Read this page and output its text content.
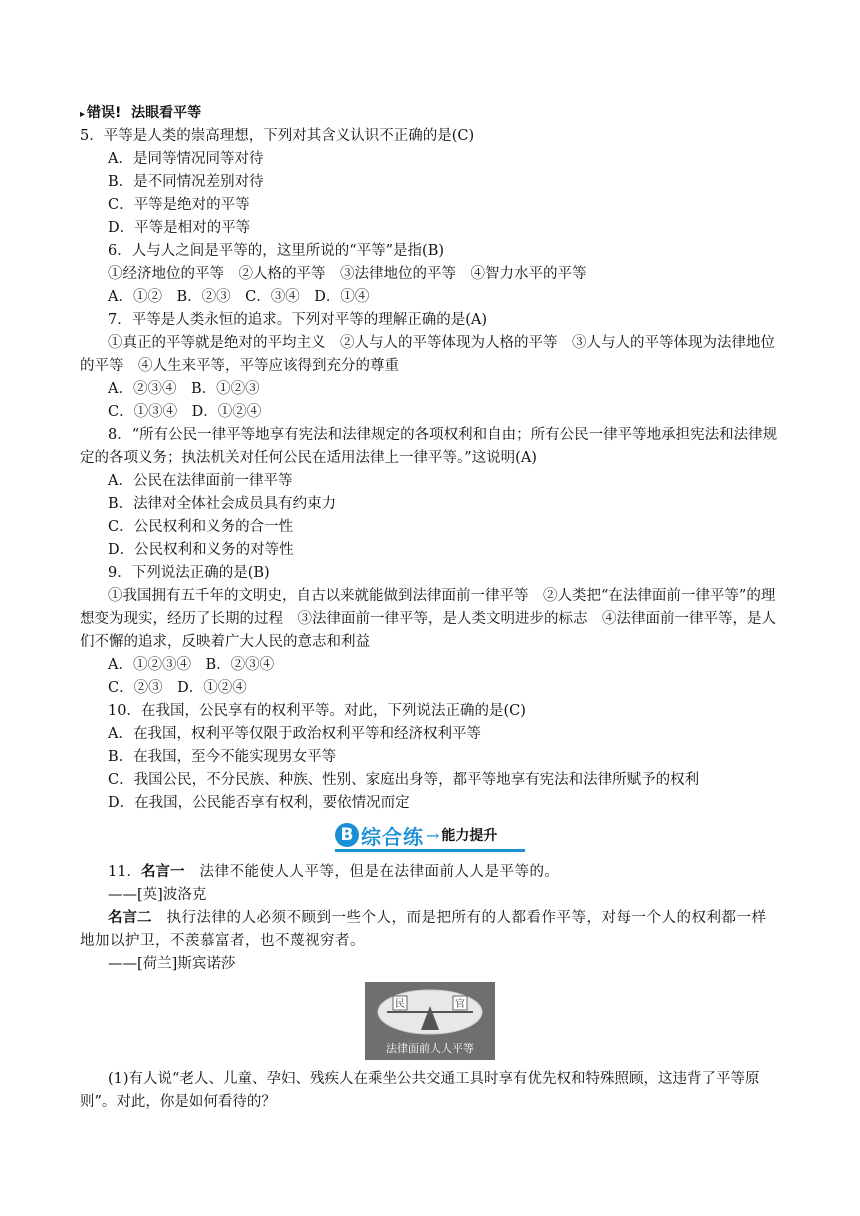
▸ 错误! 法眼看平等
5．平等是人类的崇高理想，下列对其含义认识不正确的是(C)
A．是同等情况同等对待
B．是不同情况差别对待
C．平等是绝对的平等
D．平等是相对的平等
6．人与人之间是平等的，这里所说的“平等”是指(B)
①经济地位的平等　②人格的平等　③法律地位的平等　④智力水平的平等
A．①②　B．②③　C．③④　D．①④
7．平等是人类永恒的追求。下列对平等的理解正确的是(A)
①真正的平等就是绝对的平均主义　②人与人的平等体现为人格的平等　③人与人的平等体现为法律地位的平等　④人生来平等，平等应该得到充分的尊重
A．②③④　B．①②③
C．①③④　D．①②④
8．“所有公民一律平等地享有宪法和法律规定的各项权利和自由；所有公民一律平等地承担宪法和法律规定的各项义务；执法机关对任何公民在适用法律上一律平等。”这说明(A)
A．公民在法律面前一律平等
B．法律对全体社会成员具有约束力
C．公民权利和义务的合一性
D．公民权利和义务的对等性
9．下列说法正确的是(B)
①我国拥有五千年的文明史，自古以来就能做到法律面前一律平等　②人类把“在法律面前一律平等”的理想变为现实，经历了长期的过程　③法律面前一律平等，是人类文明进步的标志　④法律面前一律平等，是人们不懈的追求，反映着广大人民的意志和利益
A．①②③④　B．②③④
C．②③　D．①②④
10．在我国，公民享有的权利平等。对此，下列说法正确的是(C)
A．在我国，权利平等仅限于政治权利平等和经济权利平等
B．在我国，至今不能实现男女平等
C．我国公民，不分民族、种族、性别、家庭出身等，都平等地享有宪法和法律所赋予的权利
D．在我国，公民能否享有权利，要依情况而定
B 综合练 → 能力提升
11．名言一　法律不能使人人平等，但是在法律面前人人是平等的。
——[英]波洛克
名言二　执行法律的人必须不顾到一些个人，而是把所有的人都看作平等，对每一个人的权利都一样地加以护卫，不羡慕富者，也不蔑视穷者。
——[荷兰]斯宾诺莎
民	官
法律面前人人平等
(1)有人说“老人、儿童、孕妇、残疾人在乘坐公共交通工具时享有优先权和特殊照顾，这违背了平等原则”。对此，你是如何看待的？
